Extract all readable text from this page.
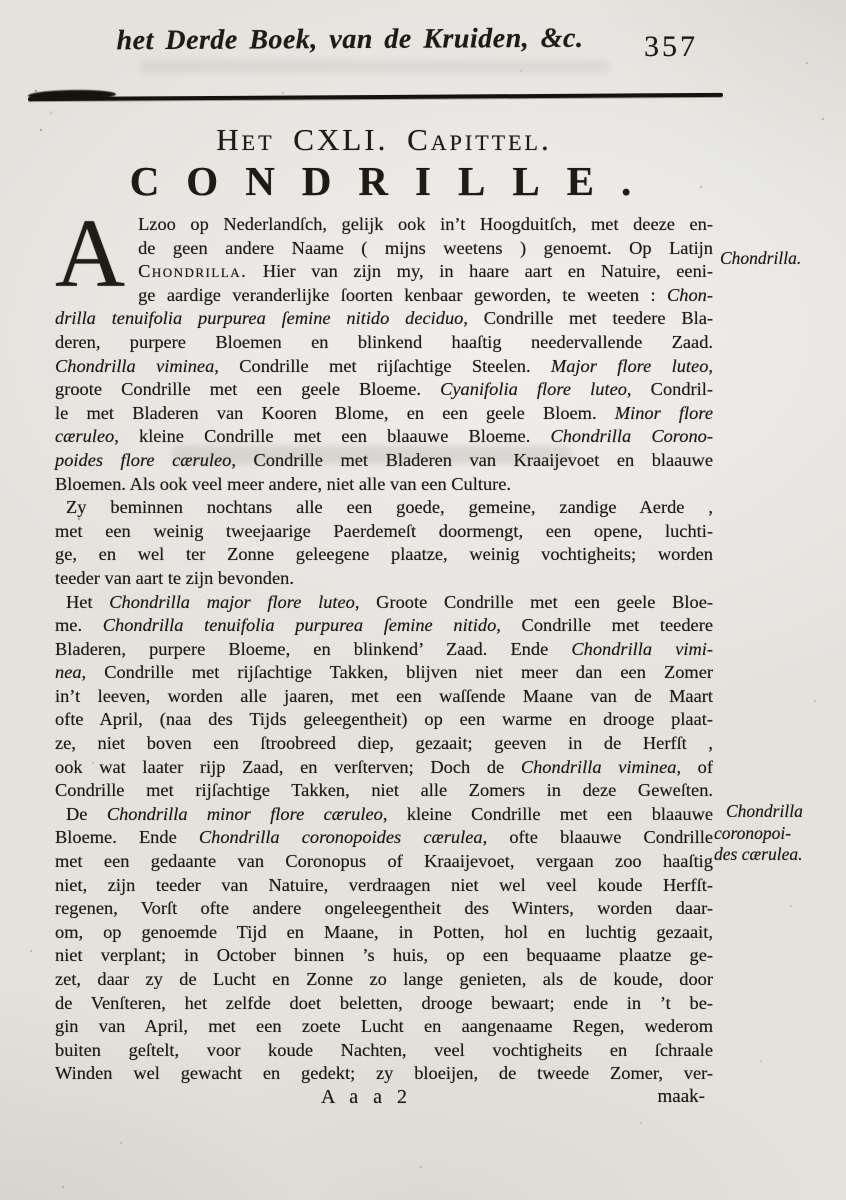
het Derde Boek, van de Kruiden, &c.	357
Het CXLI. Capittel.
CONDRILLE.
A Lzoo op Nederlandſch, gelijk ook in’t Hoogduitſch, met deeze en-
de geen andere Naame ( mijns weetens ) genoemt. Op Latijn
Chondrilla. Hier van zijn my, in haare aart en Natuire, eeni-
ge aardige veranderlijke ſoorten kenbaar geworden, te weeten : Chon-
drilla tenuifolia purpurea ſemine nitido deciduo, Condrille met teedere Bla-
deren, purpere Bloemen en blinkend haaſtig needervallende Zaad.
Chondrilla viminea, Condrille met rijſachtige Steelen. Major flore luteo,
groote Condrille met een geele Bloeme. Cyanifolia flore luteo, Condril-
le met Bladeren van Kooren Blome, en een geele Bloem. Minor flore
cæruleo, kleine Condrille met een blaauwe Bloeme. Chondrilla Corono-
poides flore cæruleo, Condrille met Bladeren van Kraaijevoet en blaauwe
Bloemen. Als ook veel meer andere, niet alle van een Culture.
Zy beminnen nochtans alle een goede, gemeine, zandige Aerde ,
met een weinig tweejaarige Paerdemeſt doormengt, een opene, luchti-
ge, en wel ter Zonne geleegene plaatze, weinig vochtigheits; worden
teeder van aart te zijn bevonden.
Het Chondrilla major flore luteo, Groote Condrille met een geele Bloe-
me. Chondrilla tenuifolia purpurea ſemine nitido, Condrille met teedere
Bladeren, purpere Bloeme, en blinkend’ Zaad. Ende Chondrilla vimi-
nea, Condrille met rijſachtige Takken, blijven niet meer dan een Zomer
in’t leeven, worden alle jaaren, met een waſſende Maane van de Maart
ofte April, (naa des Tijds geleegentheit) op een warme en drooge plaat-
ze, niet boven een ſtroobreed diep, gezaait; geeven in de Herfſt ,
ook wat laater rijp Zaad, en verſterven; Doch de Chondrilla viminea, of
Condrille met rijſachtige Takken, niet alle Zomers in deze Geweſten.
De Chondrilla minor flore cæruleo, kleine Condrille met een blaauwe
Bloeme. Ende Chondrilla coronopoides cærulea, ofte blaauwe Condrille
met een gedaante van Coronopus of Kraaijevoet, vergaan zoo haaſtig
niet, zijn teeder van Natuire, verdraagen niet wel veel koude Herfſt-
regenen, Vorſt ofte andere ongeleegentheit des Winters, worden daar-
om, op genoemde Tijd en Maane, in Potten, hol en luchtig gezaait,
niet verplant; in October binnen ’s huis, op een bequaame plaatze ge-
zet, daar zy de Lucht en Zonne zo lange genieten, als de koude, door
de Venſteren, het zelfde doet beletten, drooge bewaart; ende in ’t be-
gin van April, met een zoete Lucht en aangenaame Regen, wederom
buiten geſtelt, voor koude Nachten, veel vochtigheits en ſchraale
Winden wel gewacht en gedekt; zy bloeijen, de tweede Zomer, ver-
Chondrilla.
Chondrilla
coronopoi-
des cærulea.
A a a 2	maak-
